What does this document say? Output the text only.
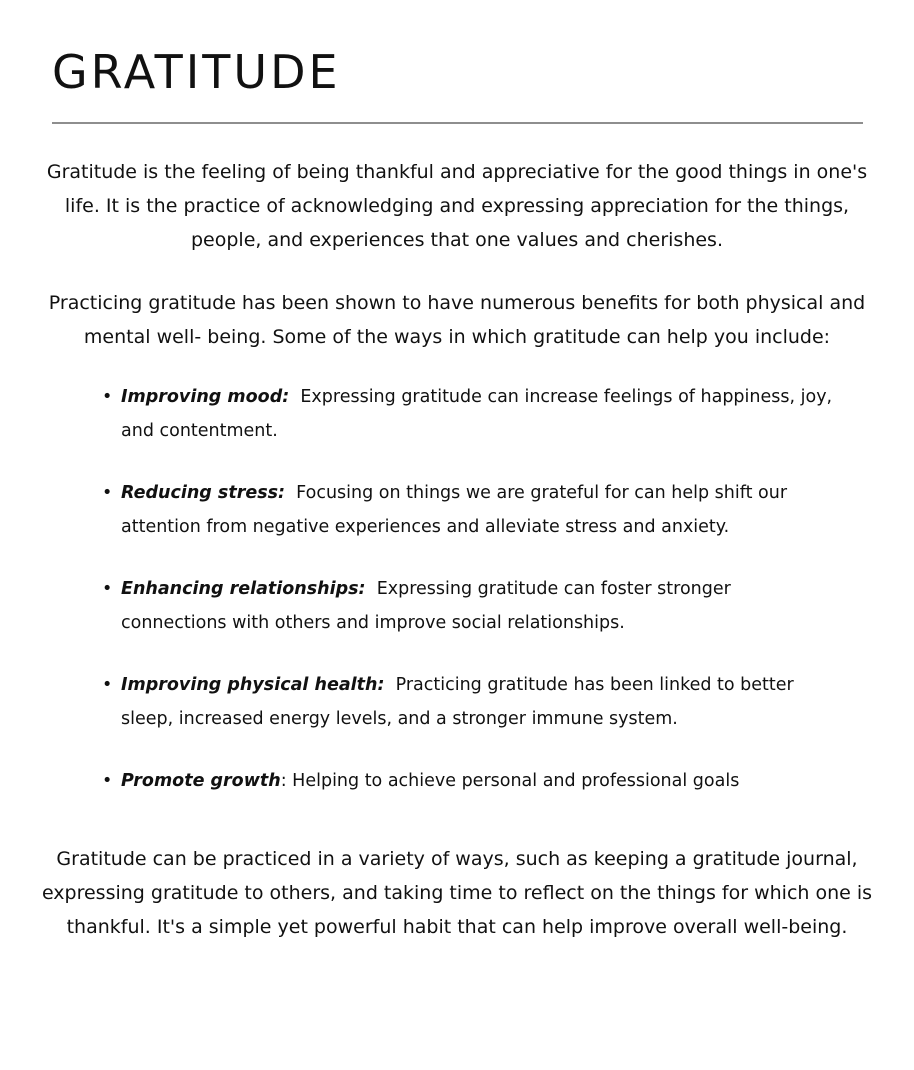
GRATITUDE

Gratitude is the feeling of being thankful and appreciative for the good things in one's life. It is the practice of acknowledging and expressing appreciation for the things, people, and experiences that one values and cherishes.

Practicing gratitude has been shown to have numerous benefits for both physical and mental well- being. Some of the ways in which gratitude can help you include:

• Improving mood: Expressing gratitude can increase feelings of happiness, joy, and contentment.
• Reducing stress: Focusing on things we are grateful for can help shift our attention from negative experiences and alleviate stress and anxiety.
• Enhancing relationships: Expressing gratitude can foster stronger connections with others and improve social relationships.
• Improving physical health: Practicing gratitude has been linked to better sleep, increased energy levels, and a stronger immune system.
• Promote growth: Helping to achieve personal and professional goals

Gratitude can be practiced in a variety of ways, such as keeping a gratitude journal, expressing gratitude to others, and taking time to reflect on the things for which one is thankful. It's a simple yet powerful habit that can help improve overall well-being.
